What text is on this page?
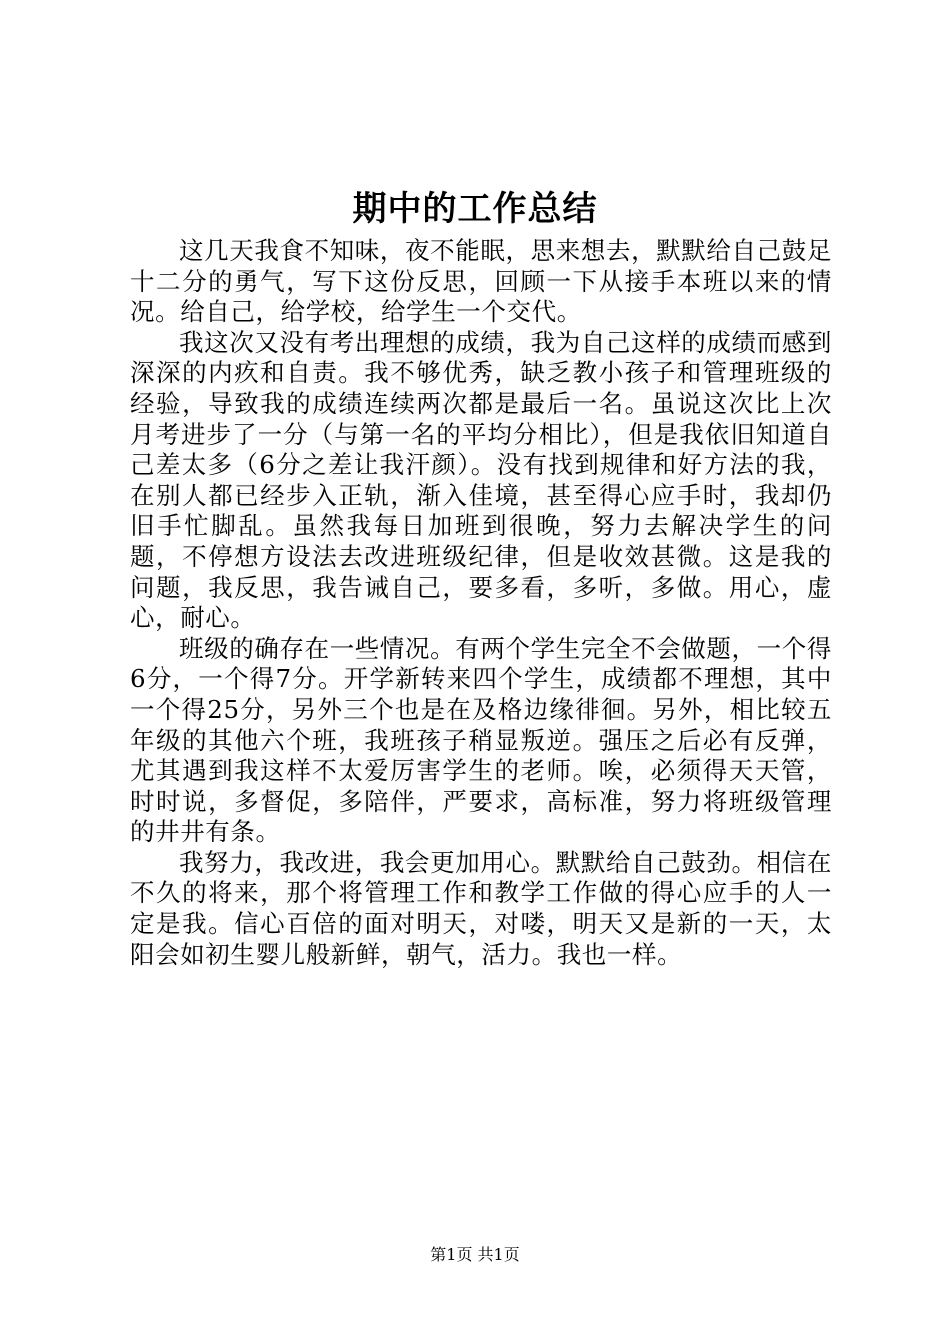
期中的工作总结

这几天我食不知味，夜不能眠，思来想去，默默给自己鼓足十二分的勇气，写下这份反思，回顾一下从接手本班以来的情况。给自己，给学校，给学生一个交代。

我这次又没有考出理想的成绩，我为自己这样的成绩而感到深深的内疚和自责。我不够优秀，缺乏教小孩子和管理班级的经验，导致我的成绩连续两次都是最后一名。虽说这次比上次月考进步了一分（与第一名的平均分相比），但是我依旧知道自己差太多（6分之差让我汗颜）。没有找到规律和好方法的我，在别人都已经步入正轨，渐入佳境，甚至得心应手时，我却仍旧手忙脚乱。虽然我每日加班到很晚，努力去解决学生的问题，不停想方设法去改进班级纪律，但是收效甚微。这是我的问题，我反思，我告诫自己，要多看，多听，多做。用心，虚心，耐心。

班级的确存在一些情况。有两个学生完全不会做题，一个得6分，一个得7分。开学新转来四个学生，成绩都不理想，其中一个得25分，另外三个也是在及格边缘徘徊。另外，相比较五年级的其他六个班，我班孩子稍显叛逆。强压之后必有反弹，尤其遇到我这样不太爱厉害学生的老师。唉，必须得天天管，时时说，多督促，多陪伴，严要求，高标准，努力将班级管理的井井有条。

我努力，我改进，我会更加用心。默默给自己鼓劲。相信在不久的将来，那个将管理工作和教学工作做的得心应手的人一定是我。信心百倍的面对明天，对喽，明天又是新的一天，太阳会如初生婴儿般新鲜，朝气，活力。我也一样。

第1页 共1页
